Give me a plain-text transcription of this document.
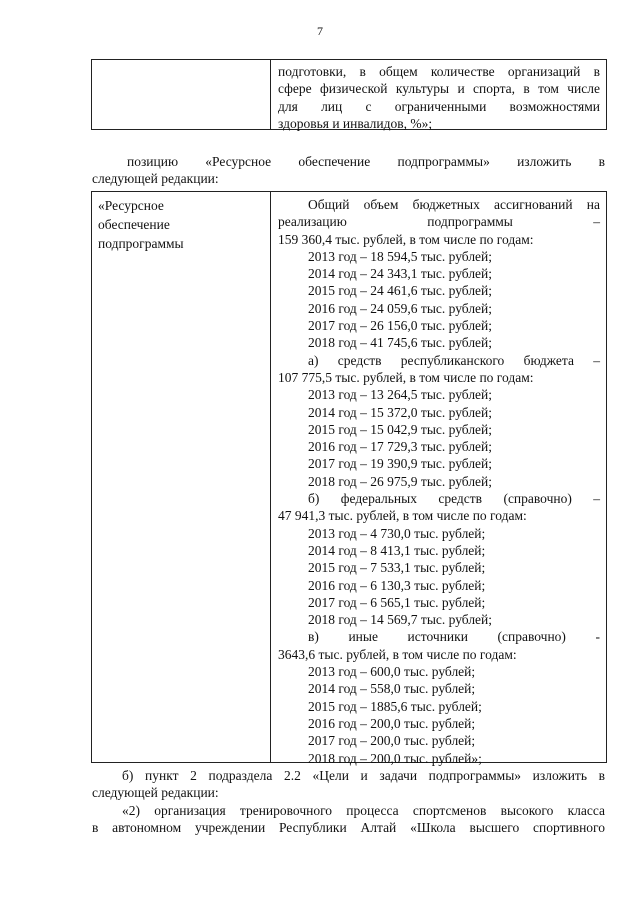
7
подготовки, в общем количестве организаций в
сфере физической культуры и спорта, в том числе
для лиц с ограниченными возможностями
здоровья и инвалидов, %»;
позицию «Ресурсное обеспечение подпрограммы» изложить в
следующей редакции:
«Ресурсное
обеспечение
подпрограммы
Общий объем бюджетных ассигнований на
реализацию подпрограммы –
159 360,4 тыс. рублей, в том числе по годам:
2013 год – 18 594,5 тыс. рублей;
2014 год – 24 343,1 тыс. рублей;
2015 год – 24 461,6 тыс. рублей;
2016 год – 24 059,6 тыс. рублей;
2017 год – 26 156,0 тыс. рублей;
2018 год – 41 745,6 тыс. рублей;
а) средств республиканского бюджета –
107 775,5 тыс. рублей, в том числе по годам:
2013 год – 13 264,5 тыс. рублей;
2014 год – 15 372,0 тыс. рублей;
2015 год – 15 042,9 тыс. рублей;
2016 год – 17 729,3 тыс. рублей;
2017 год – 19 390,9 тыс. рублей;
2018 год – 26 975,9 тыс. рублей;
б) федеральных средств (справочно) –
47 941,3 тыс. рублей, в том числе по годам:
2013 год – 4 730,0 тыс. рублей;
2014 год – 8 413,1 тыс. рублей;
2015 год – 7 533,1 тыс. рублей;
2016 год – 6 130,3 тыс. рублей;
2017 год – 6 565,1 тыс. рублей;
2018 год – 14 569,7 тыс. рублей;
в) иные источники (справочно) -
3643,6 тыс. рублей, в том числе по годам:
2013 год – 600,0 тыс. рублей;
2014 год – 558,0 тыс. рублей;
2015 год – 1885,6 тыс. рублей;
2016 год – 200,0 тыс. рублей;
2017 год – 200,0 тыс. рублей;
2018 год – 200,0 тыс. рублей»;
б) пункт 2 подраздела 2.2 «Цели и задачи подпрограммы» изложить в
следующей редакции:
«2) организация тренировочного процесса спортсменов высокого класса
в автономном учреждении Республики Алтай «Школа высшего спортивного
